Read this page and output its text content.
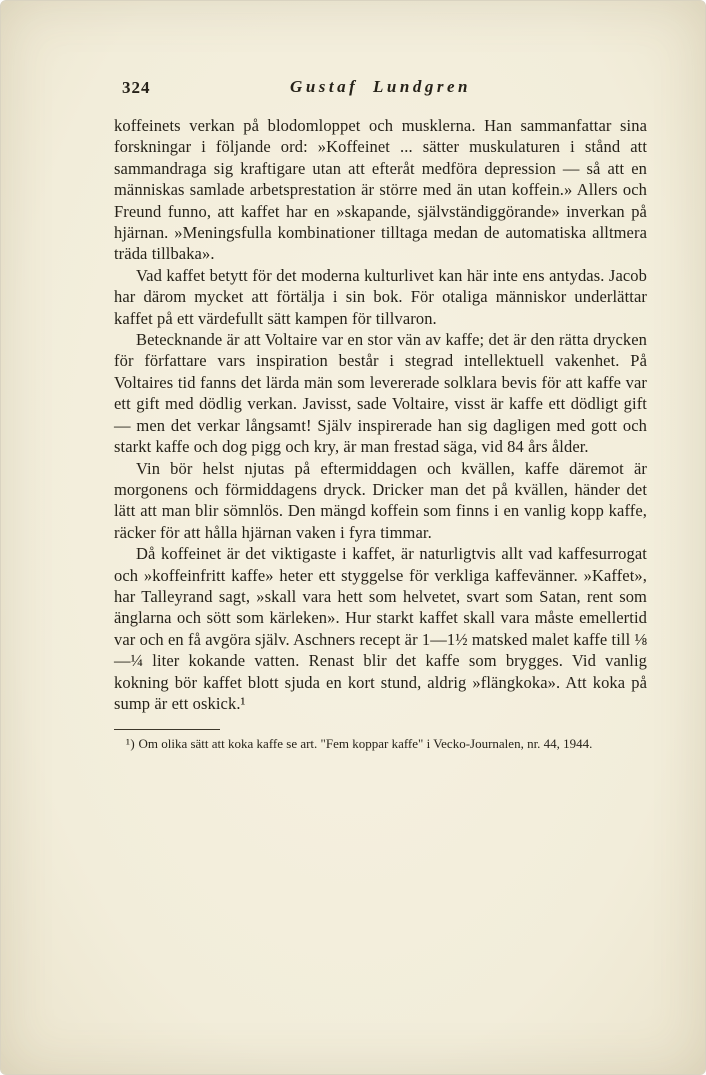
324	Gustaf Lundgren

koffeinets verkan på blodomloppet och musklerna. Han sammanfattar sina forskningar i följande ord: »Koffeinet ... sätter muskulaturen i stånd att sammandraga sig kraftigare utan att efteråt medföra depression — så att en människas samlade arbetsprestation är större med än utan koffein.» Allers och Freund funno, att kaffet har en »skapande, självständiggörande» inverkan på hjärnan. »Meningsfulla kombinationer tilltaga medan de automatiska alltmera träda tillbaka».

Vad kaffet betytt för det moderna kulturlivet kan här inte ens antydas. Jacob har därom mycket att förtälja i sin bok. För otaliga människor underlättar kaffet på ett värdefullt sätt kampen för tillvaron.

Betecknande är att Voltaire var en stor vän av kaffe; det är den rätta drycken för författare vars inspiration består i stegrad intellektuell vakenhet. På Voltaires tid fanns det lärda män som levererade solklara bevis för att kaffe var ett gift med dödlig verkan. Javisst, sade Voltaire, visst är kaffe ett dödligt gift — men det verkar långsamt! Själv inspirerade han sig dagligen med gott och starkt kaffe och dog pigg och kry, är man frestad säga, vid 84 års ålder.

Vin bör helst njutas på eftermiddagen och kvällen, kaffe däremot är morgonens och förmiddagens dryck. Dricker man det på kvällen, händer det lätt att man blir sömnlös. Den mängd koffein som finns i en vanlig kopp kaffe, räcker för att hålla hjärnan vaken i fyra timmar.

Då koffeinet är det viktigaste i kaffet, är naturligtvis allt vad kaffesurrogat och »koffeinfritt kaffe» heter ett styggelse för verkliga kaffevänner. »Kaffet», har Talleyrand sagt, »skall vara hett som helvetet, svart som Satan, rent som änglarna och sött som kärleken». Hur starkt kaffet skall vara måste emellertid var och en få avgöra själv. Aschners recept är 1—1½ matsked malet kaffe till ⅛—¼ liter kokande vatten. Renast blir det kaffe som brygges. Vid vanlig kokning bör kaffet blott sjuda en kort stund, aldrig »flängkoka». Att koka på sump är ett oskick.¹

¹) Om olika sätt att koka kaffe se art. "Fem koppar kaffe" i Vecko-Journalen, nr. 44, 1944.
